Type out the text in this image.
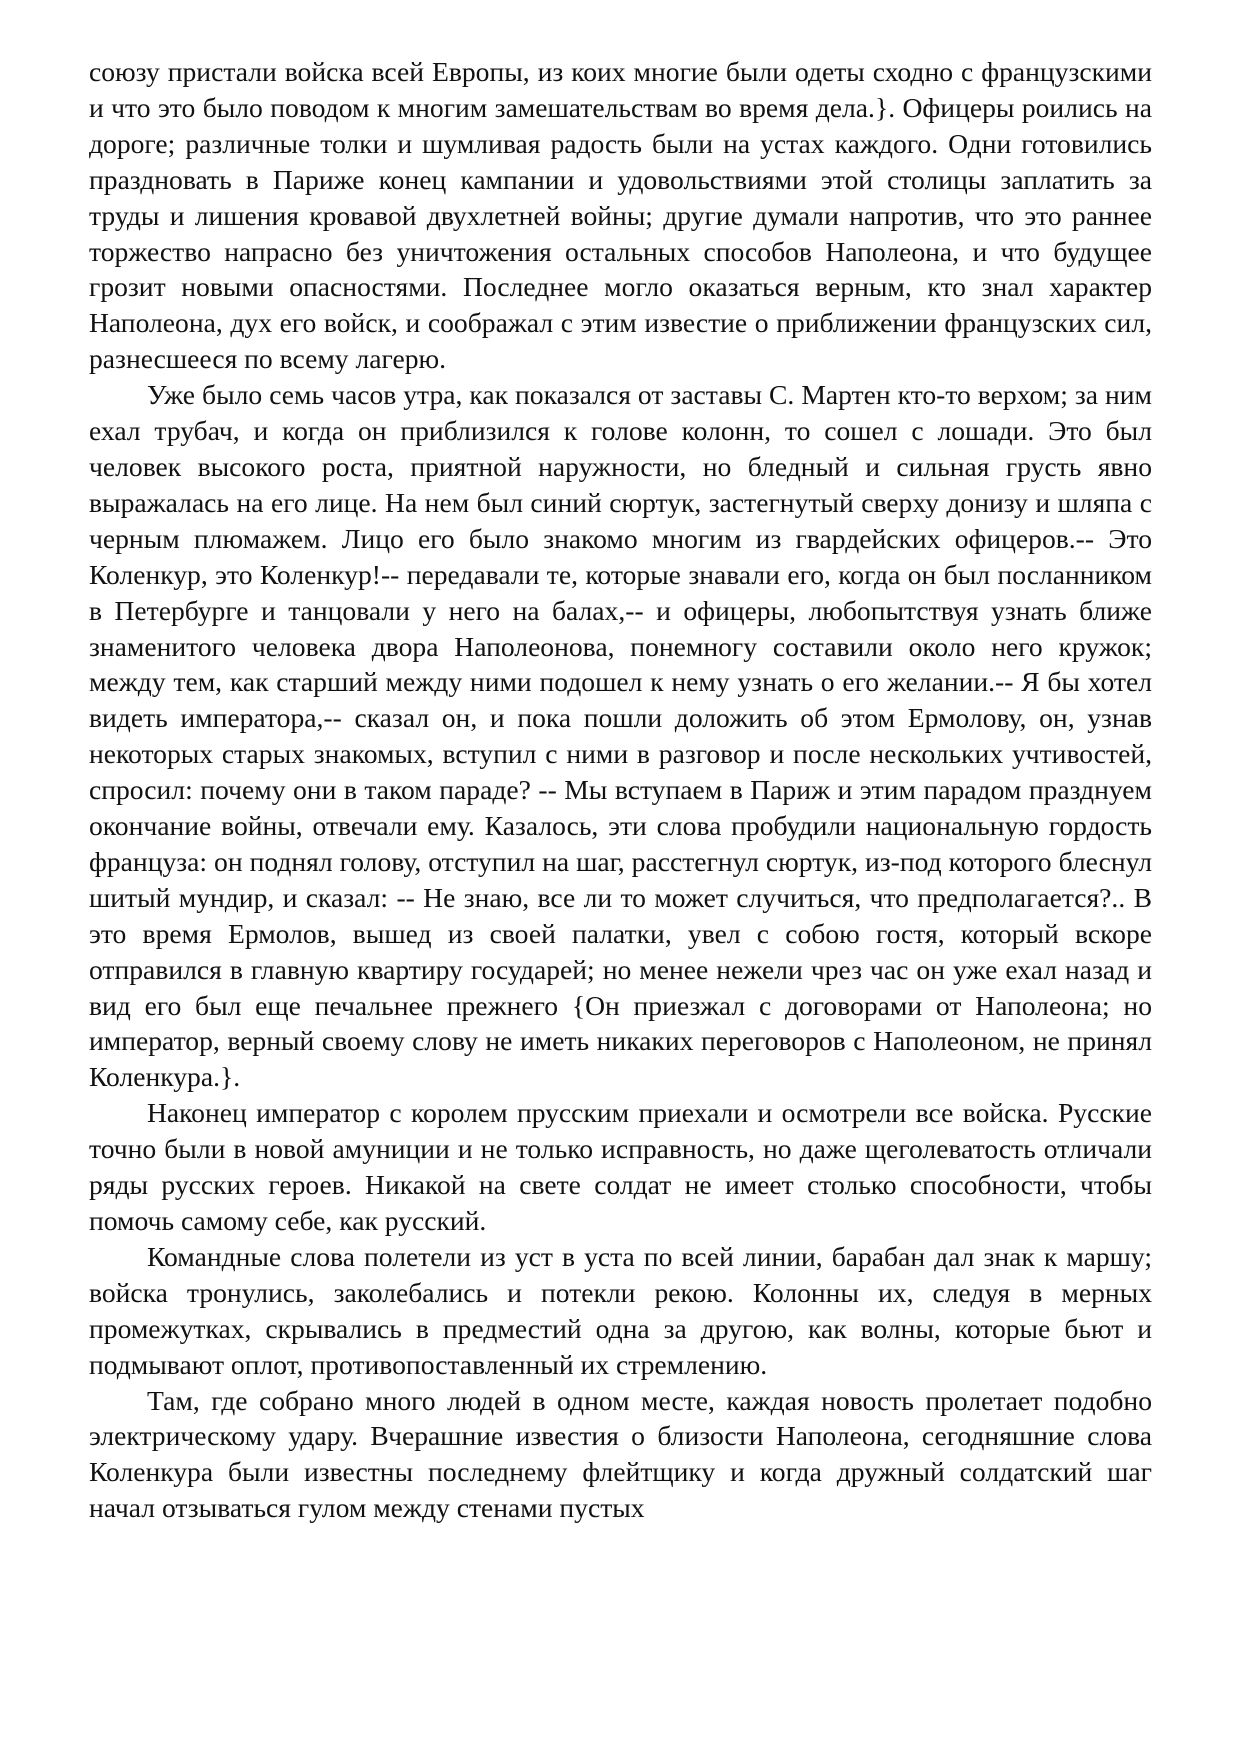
союзу пристали войска всей Европы, из коих многие были одеты сходно с французскими и что это было поводом к многим замешательствам во время дела.}. Офицеры роились на дороге; различные толки и шумливая радость были на устах каждого. Одни готовились праздновать в Париже конец кампании и удовольствиями этой столицы заплатить за труды и лишения кровавой двухлетней войны; другие думали напротив, что это раннее торжество напрасно без уничтожения остальных способов Наполеона, и что будущее грозит новыми опасностями. Последнее могло оказаться верным, кто знал характер Наполеона, дух его войск, и соображал с этим известие о приближении французских сил, разнесшееся по всему лагерю.

Уже было семь часов утра, как показался от заставы С. Мартен кто-то верхом; за ним ехал трубач, и когда он приблизился к голове колонн, то сошел с лошади. Это был человек высокого роста, приятной наружности, но бледный и сильная грусть явно выражалась на его лице. На нем был синий сюртук, застегнутый сверху донизу и шляпа с черным плюмажем. Лицо его было знакомо многим из гвардейских офицеров.-- Это Коленкур, это Коленкур!-- передавали те, которые знавали его, когда он был посланником в Петербурге и танцовали у него на балах,-- и офицеры, любопытствуя узнать ближе знаменитого человека двора Наполеонова, понемногу составили около него кружок; между тем, как старший между ними подошел к нему узнать о его желании.-- Я бы хотел видеть императора,-- сказал он, и пока пошли доложить об этом Ермолову, он, узнав некоторых старых знакомых, вступил с ними в разговор и после нескольких учтивостей, спросил: почему они в таком параде? -- Мы вступаем в Париж и этим парадом празднуем окончание войны, отвечали ему. Казалось, эти слова пробудили национальную гордость француза: он поднял голову, отступил на шаг, расстегнул сюртук, из-под которого блеснул шитый мундир, и сказал: -- Не знаю, все ли то может случиться, что предполагается?.. В это время Ермолов, вышед из своей палатки, увел с собою гостя, который вскоре отправился в главную квартиру государей; но менее нежели чрез час он уже ехал назад и вид его был еще печальнее прежнего {Он приезжал с договорами от Наполеона; но император, верный своему слову не иметь никаких переговоров с Наполеоном, не принял Коленкура.}.

Наконец император с королем прусским приехали и осмотрели все войска. Русские точно были в новой амуниции и не только исправность, но даже щеголеватость отличали ряды русских героев. Никакой на свете солдат не имеет столько способности, чтобы помочь самому себе, как русский.

Командные слова полетели из уст в уста по всей линии, барабан дал знак к маршу; войска тронулись, заколебались и потекли рекою. Колонны их, следуя в мерных промежутках, скрывались в предместий одна за другою, как волны, которые бьют и подмывают оплот, противопоставленный их стремлению.

Там, где собрано много людей в одном месте, каждая новость пролетает подобно электрическому удару. Вчерашние известия о близости Наполеона, сегодняшние слова Коленкура были известны последнему флейтщику и когда дружный солдатский шаг начал отзываться гулом между стенами пустых
